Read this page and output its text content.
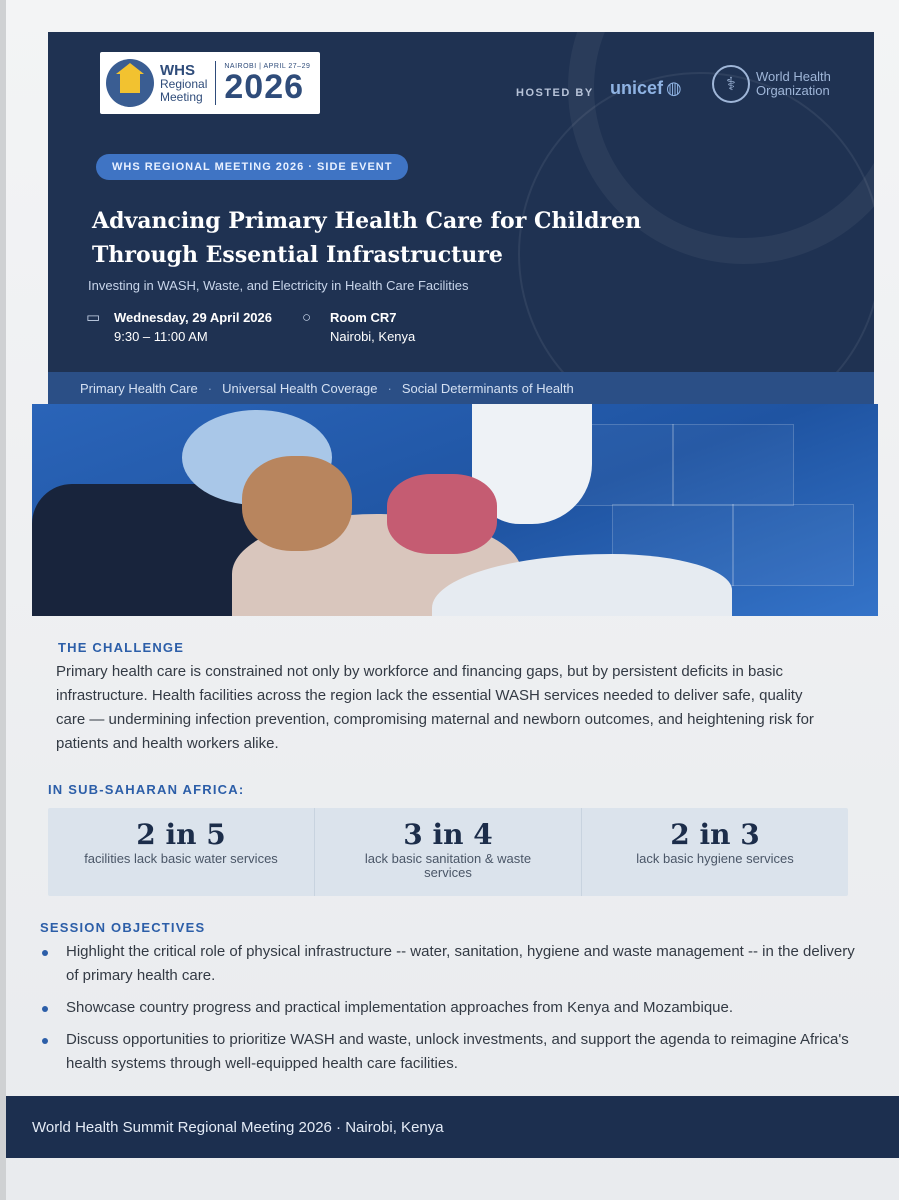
WHS
Regional
Meeting
NAIROBI | APRIL 27–29
2026	HOSTED BY unicef ◍	⚕	World Health
Organization
WHS REGIONAL MEETING 2026 · SIDE EVENT
Advancing Primary Health Care for Children
Through Essential Infrastructure

Investing in WASH, Waste, and Electricity in Health Care Facilities

▭ Wednesday, 29 April 2026
9:30 – 11:00 AM
○	Room CR7
Nairobi, Kenya
Primary Health Care · Universal Health Coverage · Social Determinants of Health
THE CHALLENGE

Primary health care is constrained not only by workforce and financing gaps, but by persistent deficits in basic infrastructure. Health facilities across the region lack the essential WASH services needed to deliver safe, quality care — undermining infection prevention, compromising maternal and newborn outcomes, and heightening risk for patients and health workers alike.

IN SUB-SAHARAN AFRICA:
2 in 5
facilities lack basic water services
3 in 4
lack basic sanitation & waste services
2 in 3
lack basic hygiene services
SESSION OBJECTIVES
Highlight the critical role of physical infrastructure -- water, sanitation, hygiene and waste management -- in the delivery of primary health care.
Showcase country progress and practical implementation approaches from Kenya and Mozambique.
Discuss opportunities to prioritize WASH and waste, unlock investments, and support the agenda to reimagine Africa's health systems through well-equipped health care facilities.
World Health Summit Regional Meeting 2026 · Nairobi, Kenya
